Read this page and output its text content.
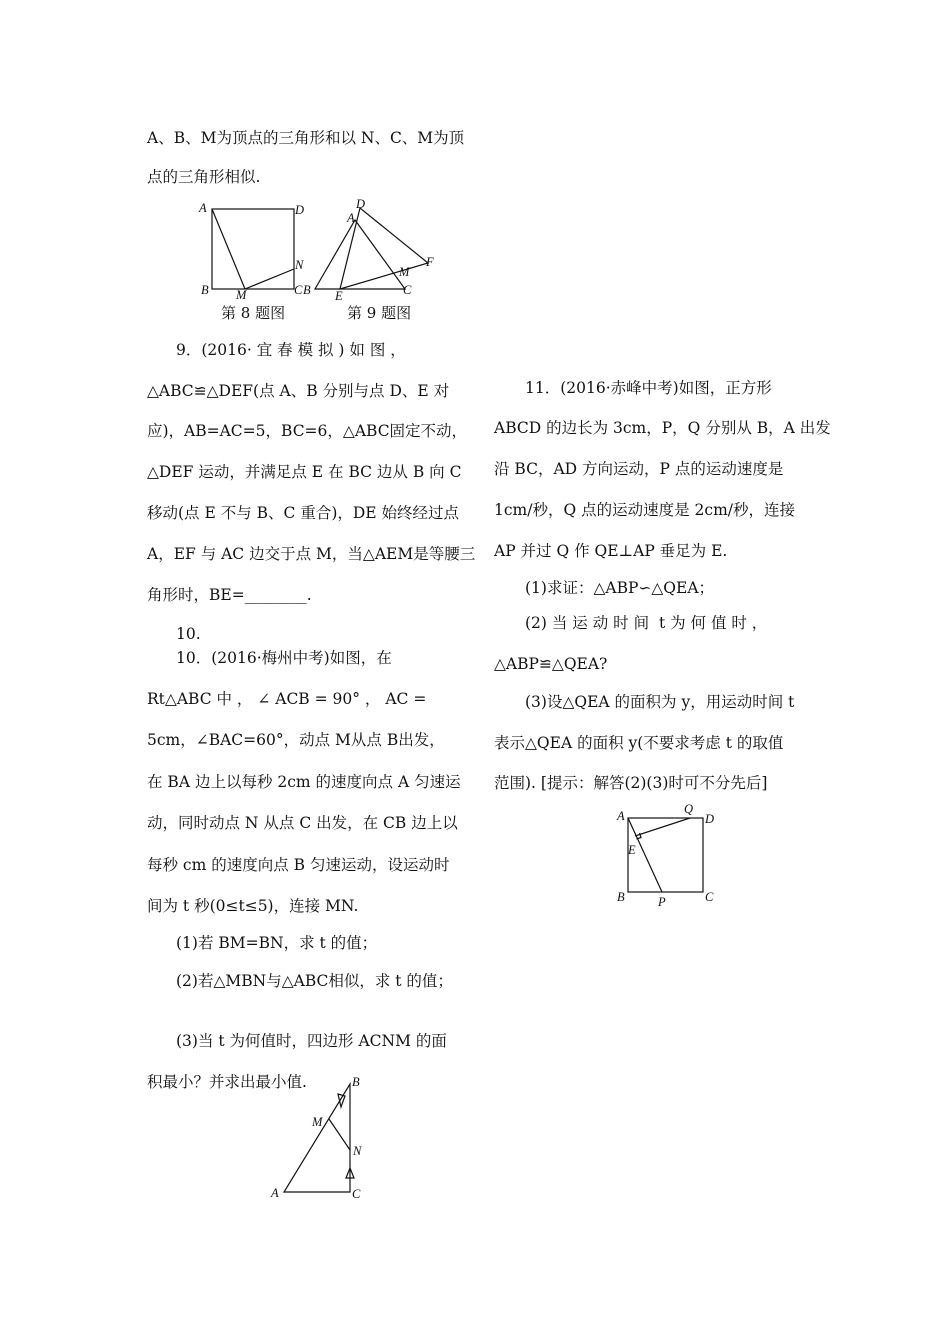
A、B、M为顶点的三角形和以 N、C、M为顶
点的三角形相似.
A	D
N
B M	C
D
A
F
M
B E	C
第 8 题图	第 9 题图
9．(2016· 宜 春 模 拟 ) 如 图 ，
△ABC≌△DEF(点 A、B 分别与点 D、E 对
应)，AB=AC=5，BC=6，△ABC固定不动，
△DEF 运动，并满足点 E 在 BC 边从 B 向 C
移动(点 E 不与 B、C 重合)，DE 始终经过点
A，EF 与 AC 边交于点 M，当△AEM是等腰三
角形时，BE=________.
10.
10．(2016·梅州中考)如图，在
Rt△ABC 中 ， ∠ ACB = 90° ， AC =
5cm，∠BAC=60°，动点 M从点 B出发，
在 BA 边上以每秒 2cm 的速度向点 A 匀速运
动，同时动点 N 从点 C 出发，在 CB 边上以
每秒 cm 的速度向点 B 匀速运动，设运动时
间为 t 秒(0≤t≤5)，连接 MN.
(1)若 BM=BN，求 t 的值；
(2)若△MBN与△ABC相似，求 t 的值；
(3)当 t 为何值时，四边形 ACNM 的面
积最小？并求出最小值.	B
M
N
A	C
11．(2016·赤峰中考)如图，正方形
ABCD 的边长为 3cm，P，Q 分别从 B，A 出发
沿 BC，AD 方向运动，P 点的运动速度是
1cm/秒，Q 点的运动速度是 2cm/秒，连接
AP 并过 Q 作 QE⊥AP 垂足为 E.
(1)求证：△ABP∽△QEA；
(2) 当 运 动 时 间  t 为 何 值 时 ，
△ABP≌△QEA?
(3)设△QEA 的面积为 y，用运动时间 t
表示△QEA 的面积 y(不要求考虑 t 的取值
范围). [提示：解答(2)(3)时可不分先后]
A	Q
D
E
B	P	C
